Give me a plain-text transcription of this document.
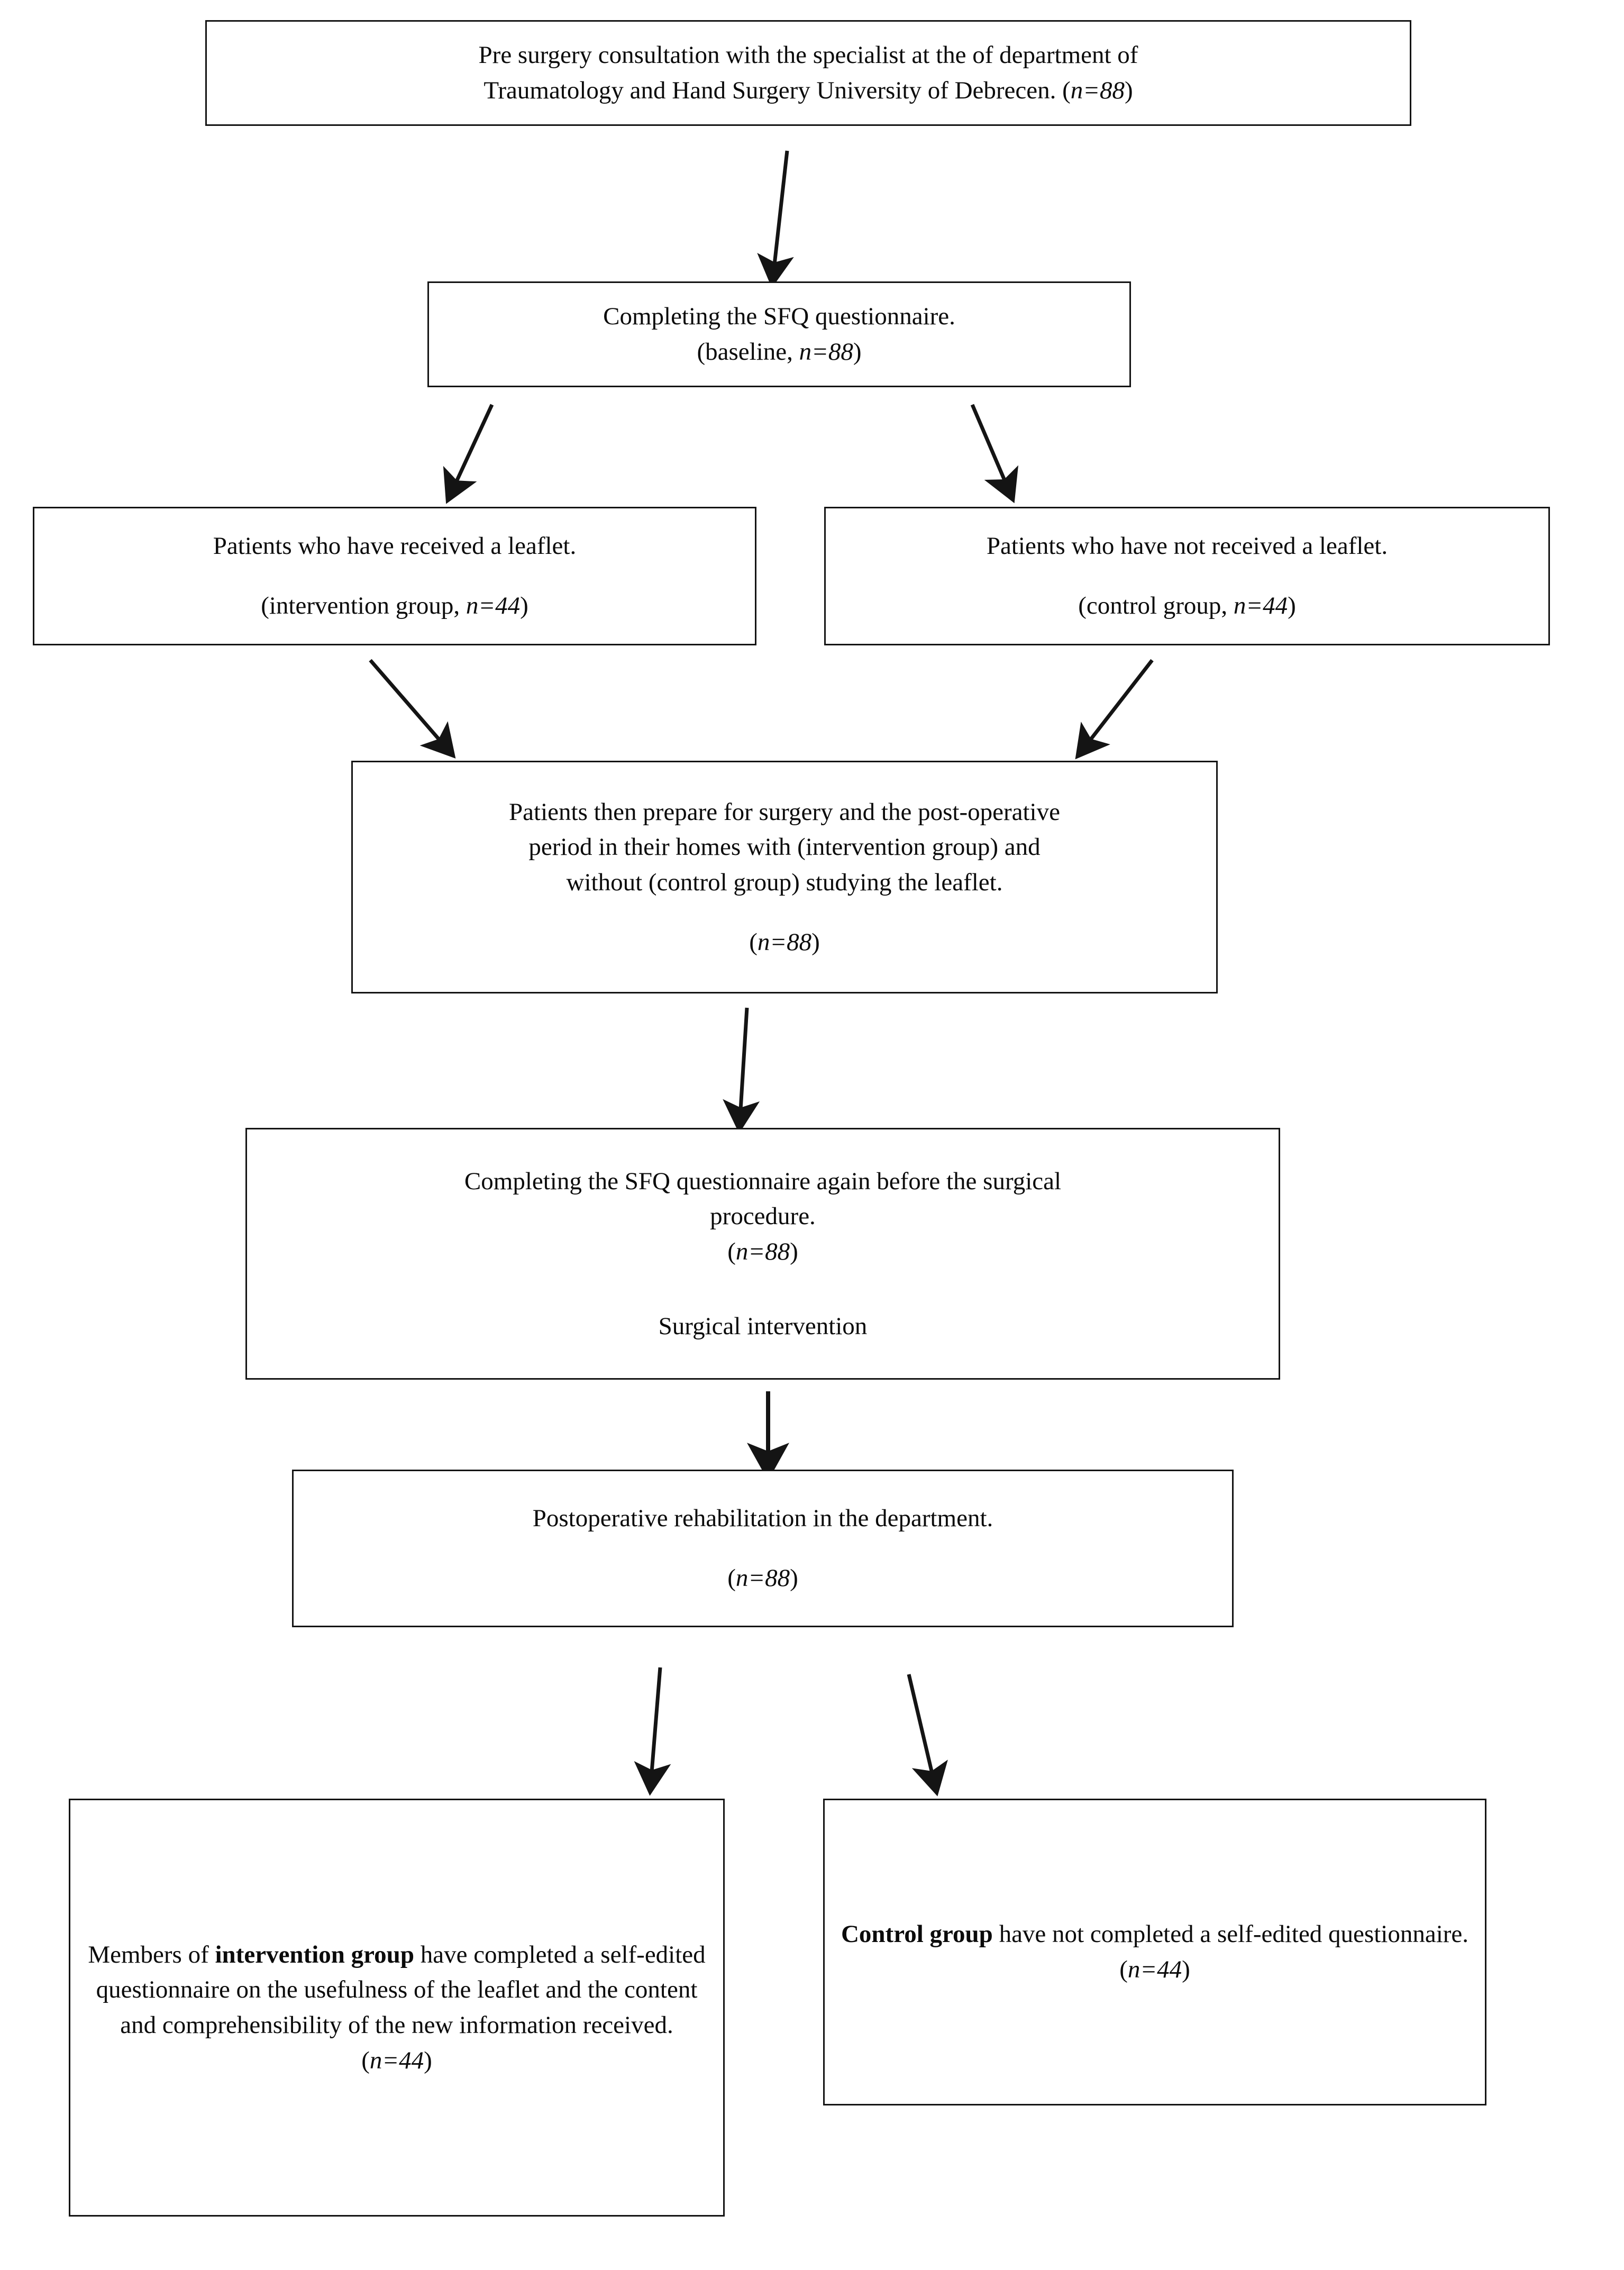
Pre surgery consultation with the specialist at the of department of

Traumatology and Hand Surgery University of Debrecen. (n=88)

Completing the SFQ questionnaire.

(baseline, n=88)

Patients who have received a leaflet.

(intervention group, n=44)

Patients who have not received a leaflet.

(control group, n=44)

Patients then prepare for surgery and the post-operative

period in their homes with (intervention group) and

without (control group) studying the leaflet.

(n=88)

Completing the SFQ questionnaire again before the surgical

procedure.

(n=88)

Surgical intervention

Postoperative rehabilitation in the department.

(n=88)

Members of intervention group have completed a self-edited questionnaire on the usefulness of the leaflet and the content and comprehensibility of the new information received. (n=44)

Control group have not completed a self-edited questionnaire.

(n=44)
